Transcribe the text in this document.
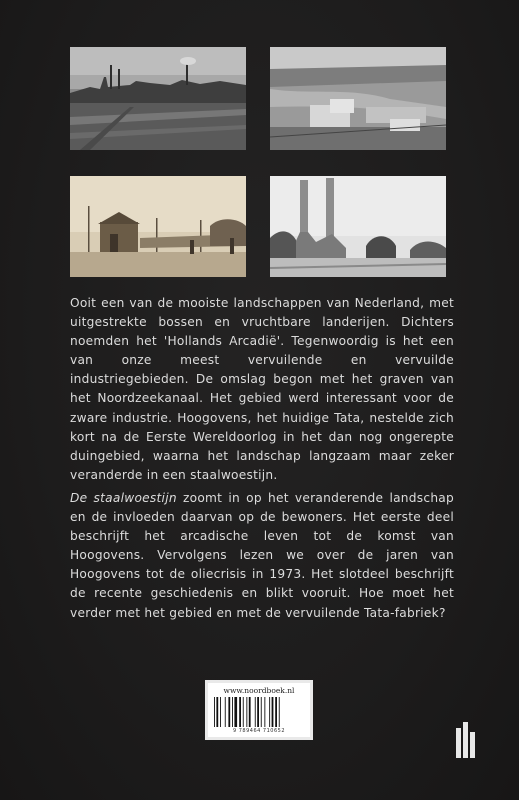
Ooit een van de mooiste landschappen van Nederland, met uitgestrekte bossen en vruchtbare landerijen. Dichters noemden het 'Hollands Arcadië'. Tegenwoordig is het een van onze meest vervuilende en vervuilde industriegebieden. De omslag begon met het graven van het Noordzeekanaal. Het gebied werd interessant voor de zware industrie. Hoogovens, het huidige Tata, nestelde zich kort na de Eerste Wereldoorlog in het dan nog ongerepte duingebied, waarna het landschap langzaam maar zeker veranderde in een staalwoestijn.
De staalwoestijn zoomt in op het veranderende landschap en de invloeden daarvan op de bewoners. Het eerste deel beschrijft het arcadische leven tot de komst van Hoogovens. Vervolgens lezen we over de jaren van Hoogovens tot de oliecrisis in 1973. Het slotdeel beschrijft de recente geschiedenis en blikt vooruit. Hoe moet het verder met het gebied en met de vervuilende Tata-fabriek?
www.noordboek.nl
9 789464 710652
